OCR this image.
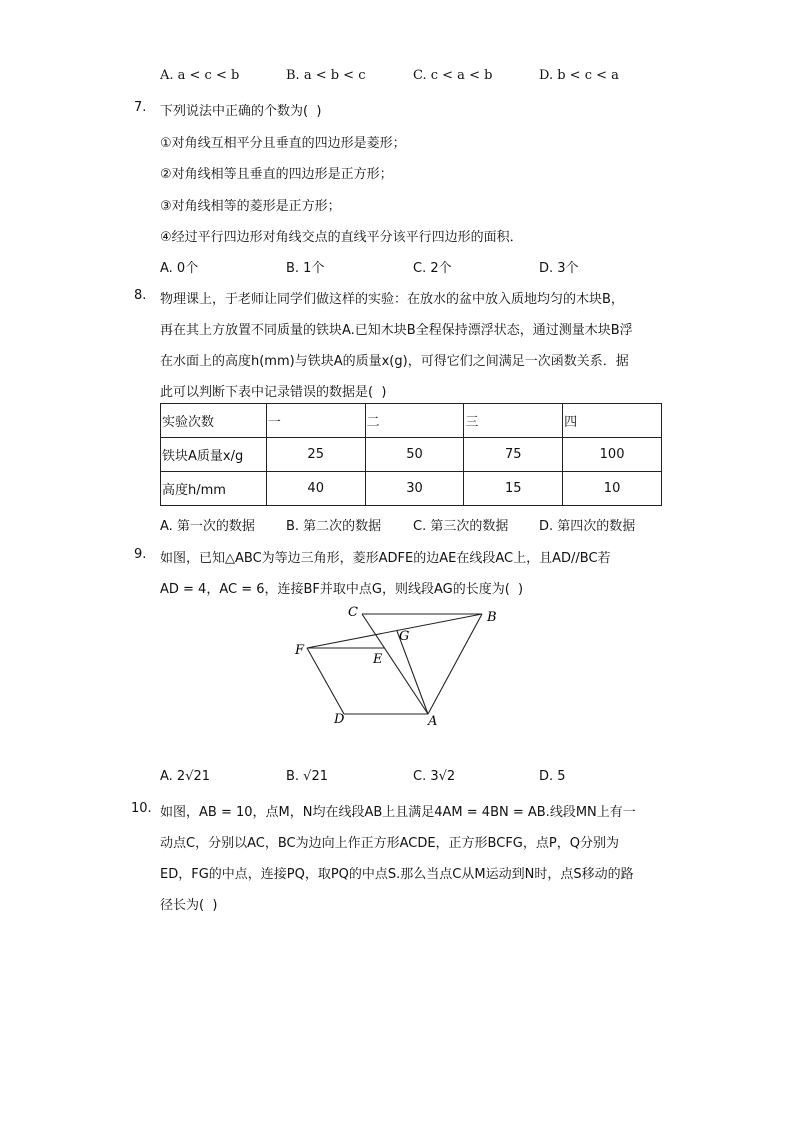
A. a < c < b	B. a < b < c	C. c < a < b	D. b < c < a
7. 下列说法中正确的个数为(  )
①对角线互相平分且垂直的四边形是菱形；
②对角线相等且垂直的四边形是正方形；
③对角线相等的菱形是正方形；
④经过平行四边形对角线交点的直线平分该平行四边形的面积．
A. 0个	B. 1个	C. 2个	D. 3个
8. 物理课上，于老师让同学们做这样的实验：在放水的盆中放入质地均匀的木块B，
再在其上方放置不同质量的铁块A.已知木块B全程保持漂浮状态，通过测量木块B浮
在水面上的高度h(mm)与铁块A的质量x(g)，可得它们之间满足一次函数关系．据
此可以判断下表中记录错误的数据是(  )
实验次数	一	二	三	四
铁块A质量x/g	25	50	75	100
高度h/mm	40	30	15	10
A. 第一次的数据 B. 第二次的数据 C. 第三次的数据 D. 第四次的数据
9. 如图，已知△ABC为等边三角形，菱形ADFE的边AE在线段AC上，且AD//BC若
AD = 4，AC = 6，连接BF并取中点G，则线段AG的长度为(  )
C	B
G
F
E
D	A
A. 2√21	B. √21	C. 3√2	D. 5
10. 如图，AB = 10，点M，N均在线段AB上且满足4AM = 4BN = AB.线段MN上有一
动点C，分别以AC，BC为边向上作正方形ACDE，正方形BCFG，点P，Q分别为
ED，FG的中点，连接PQ，取PQ的中点S.那么当点C从M运动到N时，点S移动的路
径长为(  )
